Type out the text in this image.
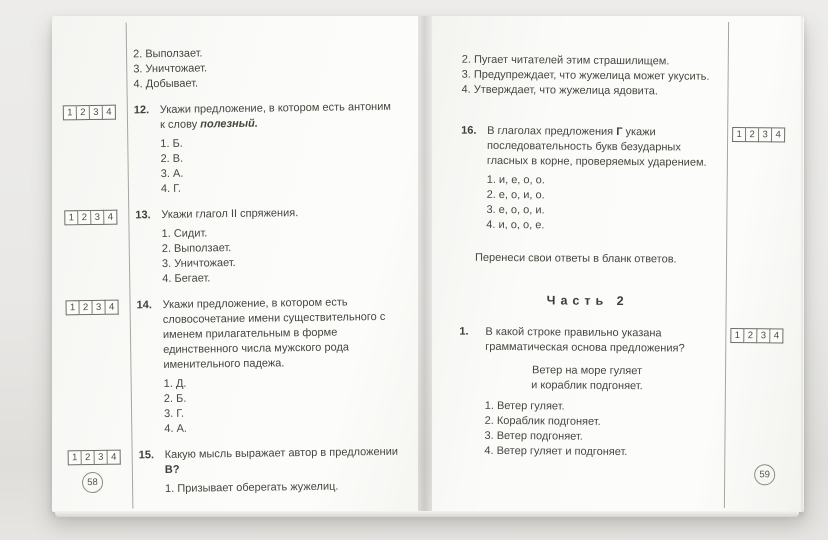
2. Выползает.
3. Уничтожает.
4. Добывает.
1 2 3 4	12. Укажи предложение, в котором есть антоним к слову полезный.
1. Б.
2. В.
3. А.
4. Г.
1 2 3 4	13. Укажи глагол II спряжения.
1. Сидит.
2. Выползает.
3. Уничтожает.
4. Бегает.
1 2 3 4	14. Укажи предложение, в котором есть словосочетание имени существительного с именем прилагательным в форме единственного числа мужского рода именительного падежа.
1. Д.
2. Б.
3. Г.
4. А.
1 2 3 4	15. Какую мысль выражает автор в предложении В?
1. Призывает оберегать жужелиц.
58
2. Пугает читателей этим страшилищем.
3. Предупреждает, что жужелица может укусить.
4. Утверждает, что жужелица ядовита.
1 2 3 4
16. В глаголах предложения Г укажи последовательность букв безударных гласных в корне, проверяемых ударением.
1. и, е, о, о.
2. е, о, и, о.
3. е, о, о, и.
4. и, о, о, е.
Перенеси свои ответы в бланк ответов.
Часть 2
1 2 3 4
1.	В какой строке правильно указана грамматическая основа предложения?
Ветер на море гуляет
и кораблик подгоняет.
1. Ветер гуляет.
2. Кораблик подгоняет.
3. Ветер подгоняет.
4. Ветер гуляет и подгоняет.
59
